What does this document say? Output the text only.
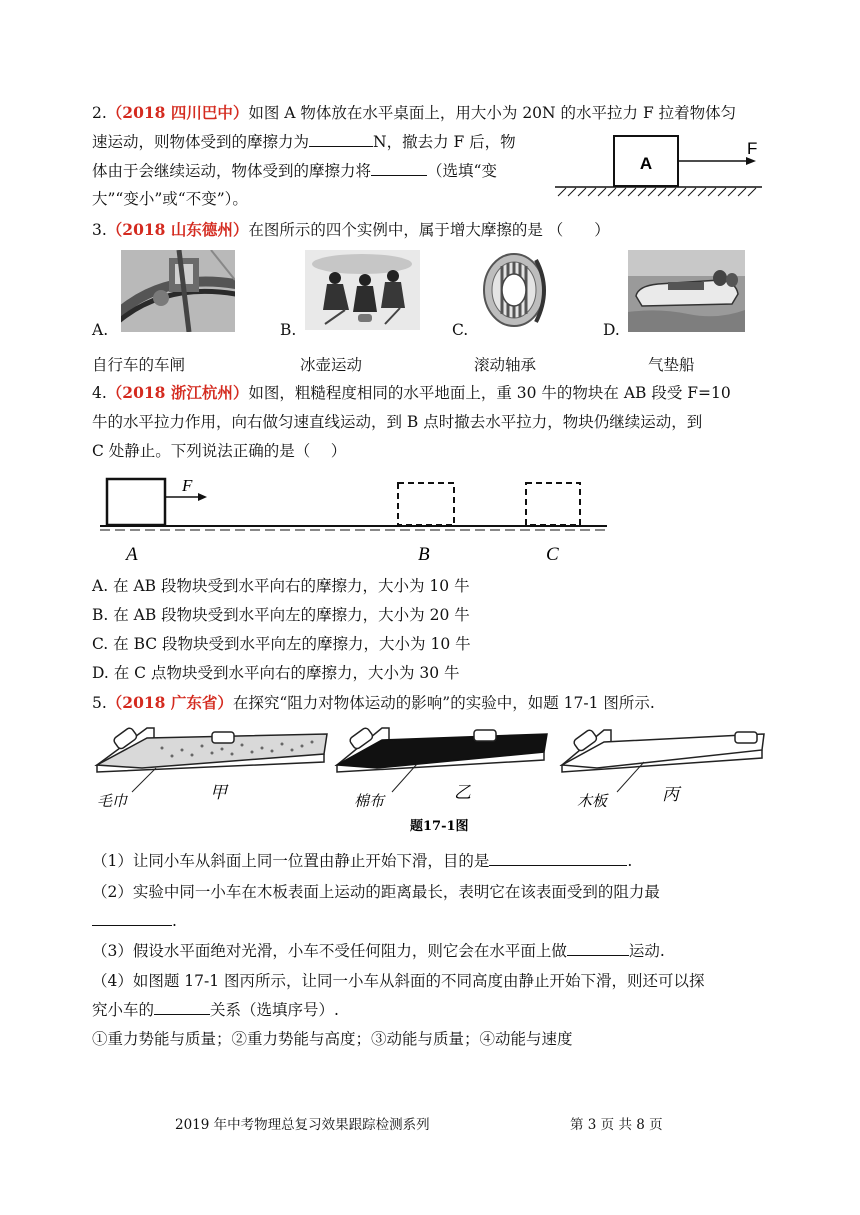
2.（2018 四川巴中）如图 A 物体放在水平桌面上，用大小为 20N 的水平拉力 F 拉着物体匀
速运动，则物体受到的摩擦力为	N，撤去力 F 后，物
体由于会继续运动，物体受到的摩擦力将	（选填“变
大”“变小”或“不变”）。
A
F
3.（2018 山东德州）在图所示的四个实例中，属于增大摩擦的是 （　　）
A.
自行车的车闸
B.
冰壶运动
C.
滚动轴承
D.
气垫船
4.（2018 浙江杭州）如图，粗糙程度相同的水平地面上，重 30 牛的物块在 AB 段受 F=10
牛的水平拉力作用，向右做匀速直线运动，到 B 点时撤去水平拉力，物块仍继续运动，到
C 处静止。下列说法正确的是（　 ）
F
A	B	C
A. 在 AB 段物块受到水平向右的摩擦力，大小为 10 牛
B. 在 AB 段物块受到水平向左的摩擦力，大小为 20 牛
C. 在 BC 段物块受到水平向左的摩擦力，大小为 10 牛
D. 在 C 点物块受到水平向右的摩擦力，大小为 30 牛
5.（2018 广东省）在探究“阻力对物体运动的影响”的实验中，如题 17-1 图所示.
毛巾	甲	棉布	乙	木板	丙
题17-1图
（1）让同小车从斜面上同一位置由静止开始下滑，目的是	.
（2）实验中同一小车在木板表面上运动的距离最长，表明它在该表面受到的阻力最
.
（3）假设水平面绝对光滑，小车不受任何阻力，则它会在水平面上做	运动.
（4）如图题 17-1 图丙所示，让同一小车从斜面的不同高度由静止开始下滑，则还可以探
究小车的	关系（选填序号）.
①重力势能与质量；②重力势能与高度；③动能与质量；④动能与速度
2019 年中考物理总复习效果跟踪检测系列	第 3 页 共 8 页
